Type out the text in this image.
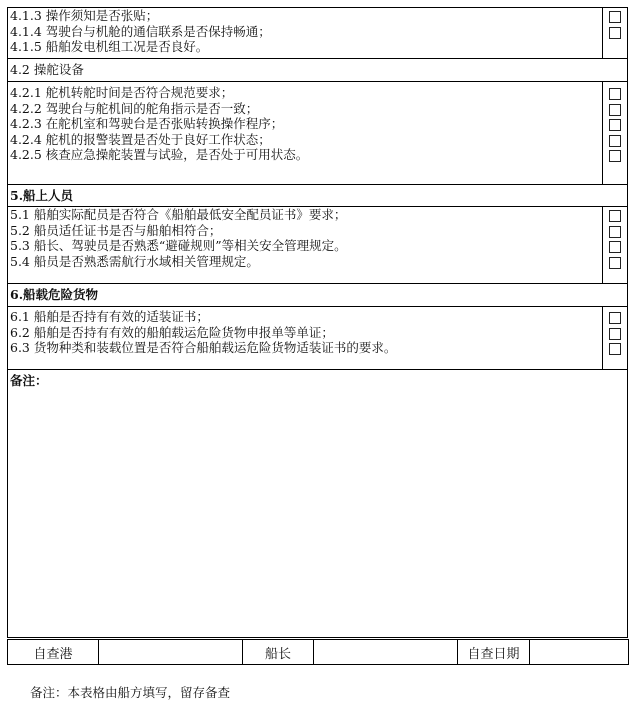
4.1.3 操作须知是否张贴；
4.1.4 驾驶台与机舱的通信联系是否保持畅通；
4.1.5 船舶发电机组工况是否良好。	

4.2 操舵设备	

4.2.1 舵机转舵时间是否符合规范要求；
4.2.2 驾驶台与舵机间的舵角指示是否一致；
4.2.3 在舵机室和驾驶台是否张贴转换操作程序；
4.2.4 舵机的报警装置是否处于良好工作状态；
4.2.5 核查应急操舵装置与试验，是否处于可用状态。	

5.船上人员	

5.1 船舶实际配员是否符合《船舶最低安全配员证书》要求；
5.2 船员适任证书是否与船舶相符合；
5.3 船长、驾驶员是否熟悉“避碰规则”等相关安全管理规定。
5.4 船员是否熟悉需航行水域相关管理规定。	

6.船载危险货物	

6.1 船舶是否持有有效的适装证书；
6.2 船舶是否持有有效的船舶载运危险货物申报单等单证；
6.3 货物种类和装载位置是否符合船舶载运危险货物适装证书的要求。	

备注：	
自查港		船长		自查日期	
备注：本表格由船方填写，留存备查
